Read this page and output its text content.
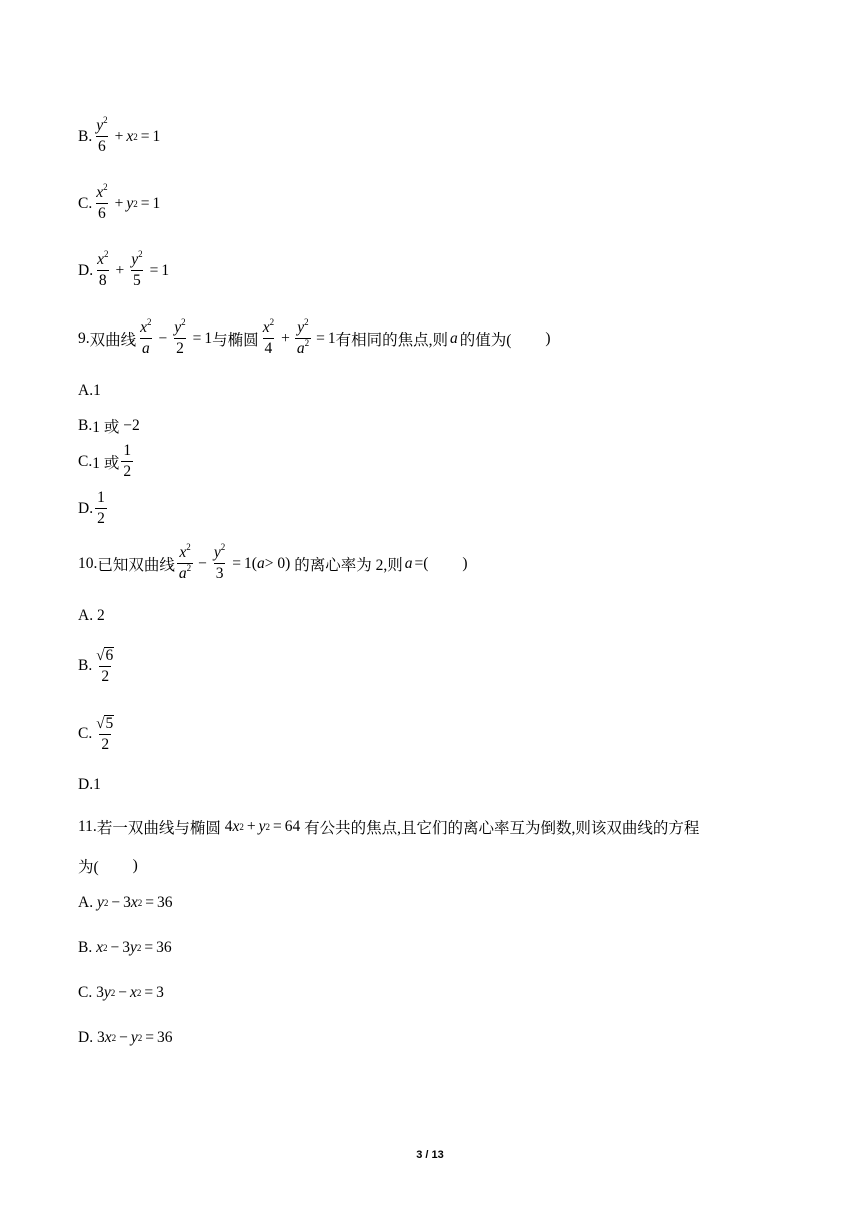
B. $\frac{y^2}{6} + x$ 2 = 1
C. $\frac{x^2}{6} + y$ 2 = 1
D. $\frac{x^2}{8} + \frac{y^2}{5} = 1$
9. 双曲线 $\frac{x^2}{a} - \frac{y^2}{2} = 1$ 与椭圆 $\frac{x^2}{4} + \frac{y^2}{a^2} = 1$ 有相同的焦点,则 a 的值为( )
A. 1
B. 1 或
−2
C. 1 或 $\frac{1}{2}$
D. $\frac{1}{2}$
10. 已知双曲线 $\frac{x^2}{a^2} - \frac{y^2}{3} = 1$ ( a > 0) 的离心率为 2,则 a =( )
A.
2
B. $\frac{√ 6}{2}$
C. $\frac{√ 5}{2}$
D. 1
11. 若一双曲线与椭圆 4 x 2 + y 2 = 64
有公共的焦点,且它们的离心率互为倒数,则该双曲线的方程
为( )
A.
y 2 − 3 x 2 = 36
B.
x 2 − 3 y 2 = 36
C.
3 y 2 − x 2 = 3
D.
3 x 2 − y 2 = 36
3 / 13
